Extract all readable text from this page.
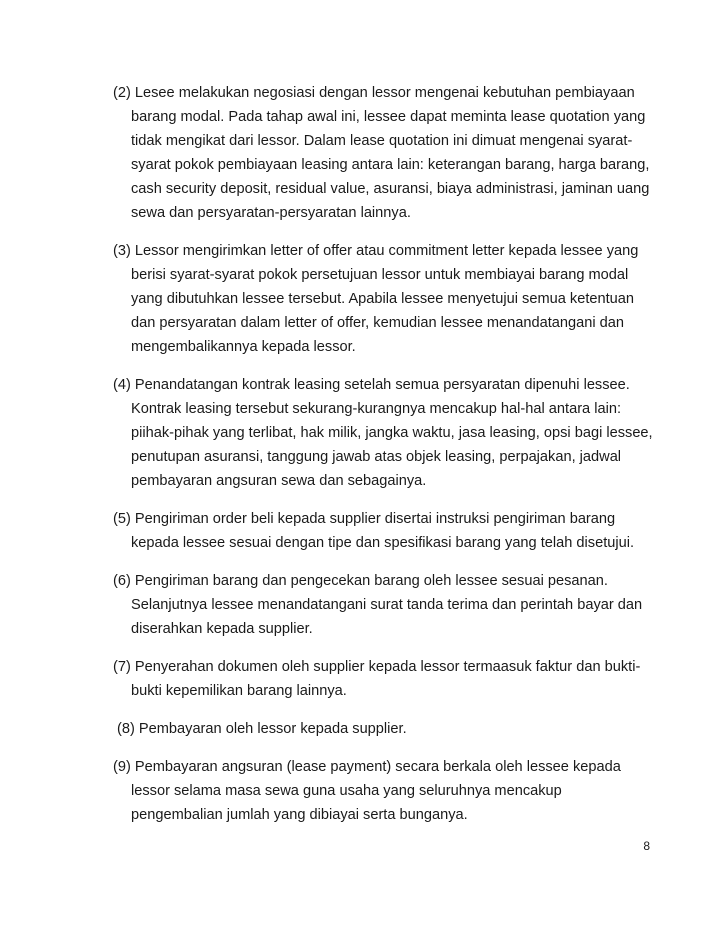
(2) Lesee melakukan negosiasi dengan lessor mengenai kebutuhan pembiayaan barang modal. Pada tahap awal ini, lessee dapat meminta lease quotation yang tidak mengikat dari lessor. Dalam lease quotation ini dimuat mengenai syarat-syarat pokok pembiayaan leasing antara lain: keterangan barang, harga barang, cash security deposit, residual value, asuransi, biaya administrasi, jaminan uang sewa dan persyaratan-persyaratan lainnya.

(3) Lessor mengirimkan letter of offer atau commitment letter kepada lessee yang berisi syarat-syarat pokok persetujuan lessor untuk membiayai barang modal yang dibutuhkan lessee tersebut. Apabila lessee menyetujui semua ketentuan dan persyaratan dalam letter of offer, kemudian lessee menandatangani dan mengembalikannya kepada lessor.

(4) Penandatangan kontrak leasing setelah semua persyaratan dipenuhi lessee. Kontrak leasing tersebut sekurang-kurangnya mencakup hal-hal antara lain: piihak-pihak yang terlibat, hak milik, jangka waktu, jasa leasing, opsi bagi lessee, penutupan asuransi, tanggung jawab atas objek leasing, perpajakan, jadwal pembayaran angsuran sewa dan sebagainya.

(5) Pengiriman order beli kepada supplier disertai instruksi pengiriman barang kepada lessee sesuai dengan tipe dan spesifikasi barang yang telah disetujui.

(6) Pengiriman barang dan pengecekan barang oleh lessee sesuai pesanan. Selanjutnya lessee menandatangani surat tanda terima dan perintah bayar dan diserahkan kepada supplier.

(7) Penyerahan dokumen oleh supplier kepada lessor termaasuk faktur dan bukti-bukti kepemilikan barang lainnya.

(8) Pembayaran oleh lessor kepada supplier.

(9) Pembayaran angsuran (lease payment) secara berkala oleh lessee kepada lessor selama masa sewa guna usaha yang seluruhnya mencakup pengembalian jumlah yang dibiayai serta bunganya.

8
